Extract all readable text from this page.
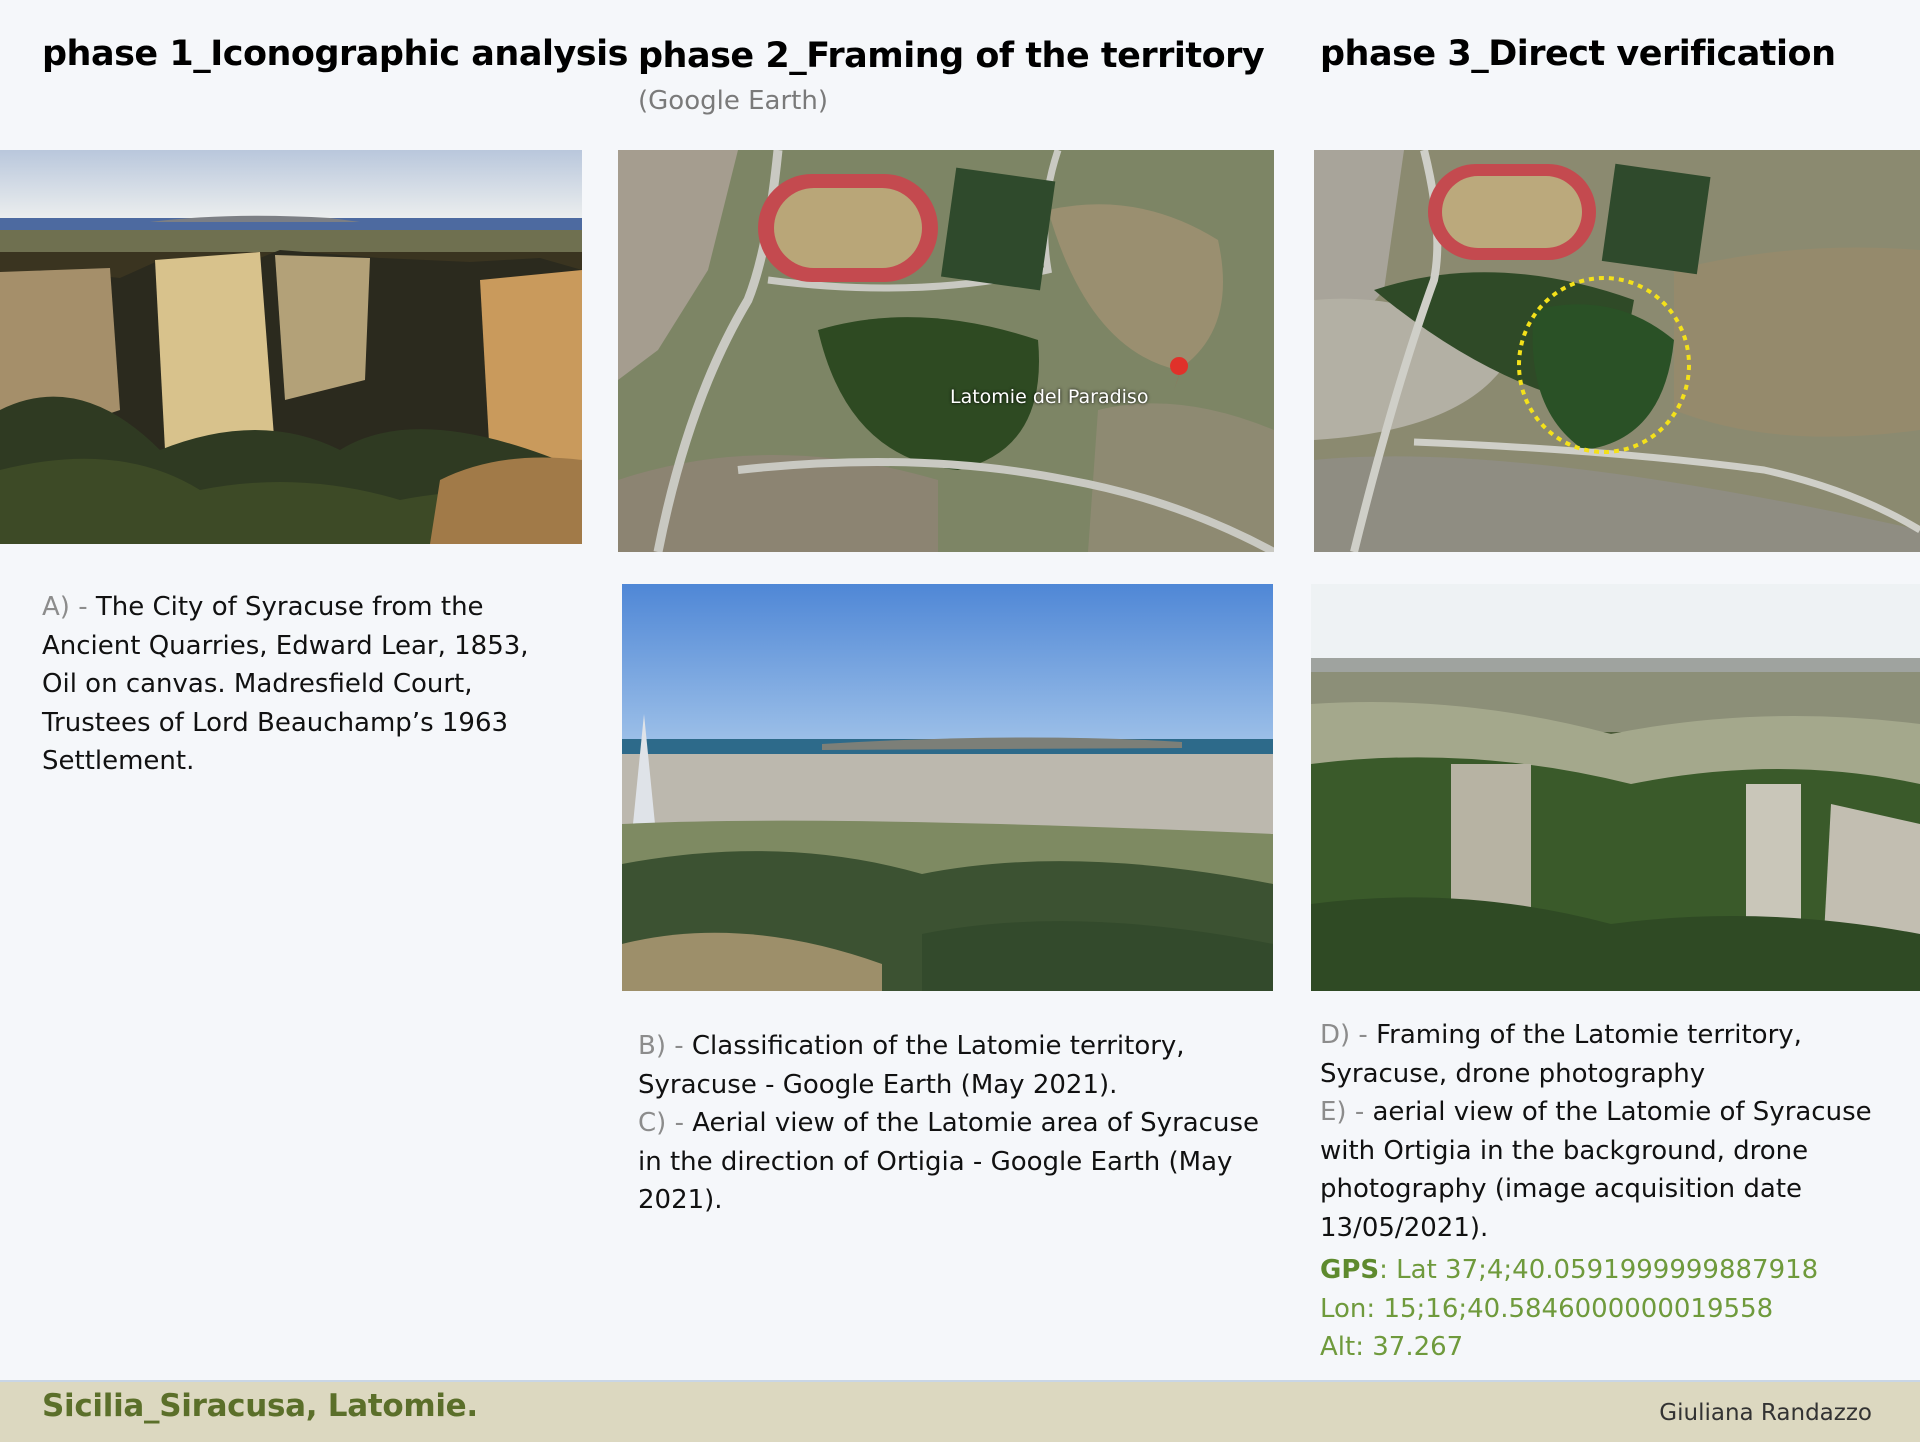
phase 1_Iconographic analysis phase 2_Framing of the territory
(Google Earth)
phase 3_Direct verification
Latomie del Paradiso
A) - The City of Syracuse from the Ancient Quarries, Edward Lear, 1853, Oil on canvas. Madresfield Court, Trustees of Lord Beauchamp’s 1963 Settlement.
B) - Classification of the Latomie territory, Syracuse - Google Earth (May 2021).
C) - Aerial view of the Latomie area of Syracuse in the direction of Ortigia - Google Earth (May 2021).
D) - Framing of the Latomie territory, Syracuse, drone photography
E) - aerial view of the Latomie of Syracuse with Ortigia in the background, drone photography (image acquisition date 13/05/2021).
GPS: Lat 37;4;40.0591999999887918
Lon: 15;16;40.5846000000019558
Alt: 37.267
Sicilia_Siracusa, Latomie.	Giuliana Randazzo
